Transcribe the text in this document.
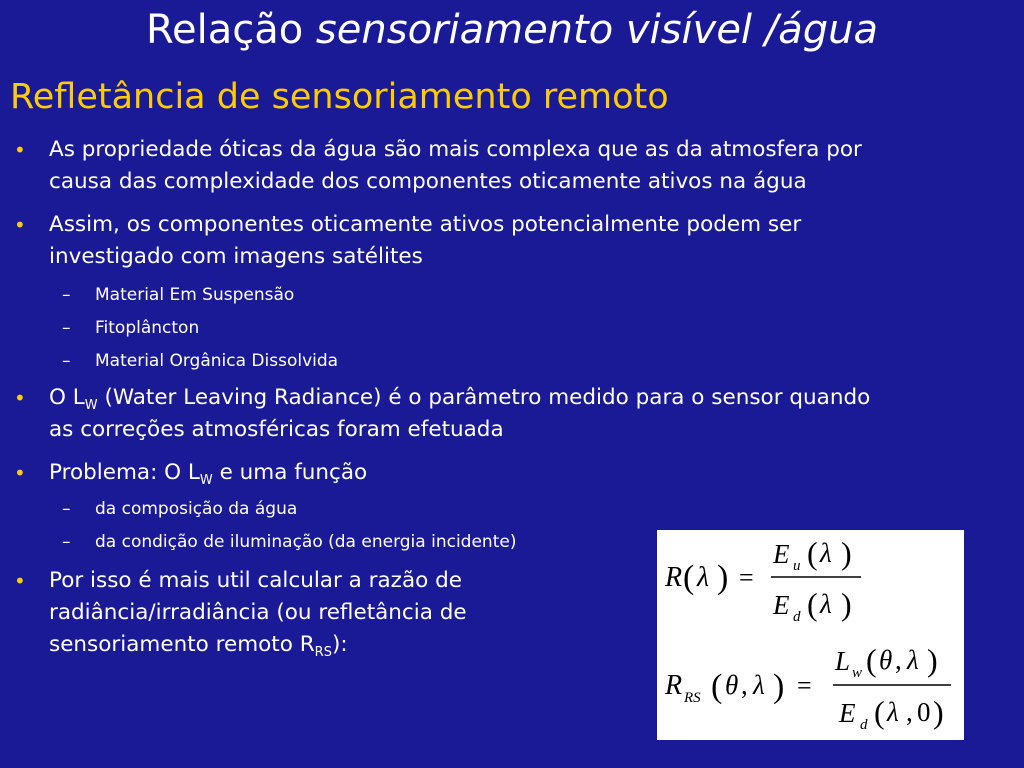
Relação sensoriamento visível /água
Refletância de sensoriamento remoto
• As propriedade óticas da água são mais complexa que as da atmosfera por
causa das complexidade dos componentes oticamente ativos na água
• Assim, os componentes oticamente ativos potencialmente podem ser
investigado com imagens satélites
– Material Em Suspensão
– Fitoplâncton
– Material Orgânica Dissolvida
• O $L_W$ (Water Leaving Radiance) é o parâmetro medido para o sensor quando
as correções atmosféricas foram efetuada
• Problema: O $L_W$ e uma função
– da composição da água
– da condição de iluminação (da energia incidente)
• Por isso é mais util calcular a razão de
radiância/irradiância (ou refletância de
sensoriamento remoto $R_{RS}$):
R ( λ ) =
E u ( λ )
E d ( λ )
R RS ( θ , λ ) =
L w ( θ , λ )
E d ( λ , 0 )
